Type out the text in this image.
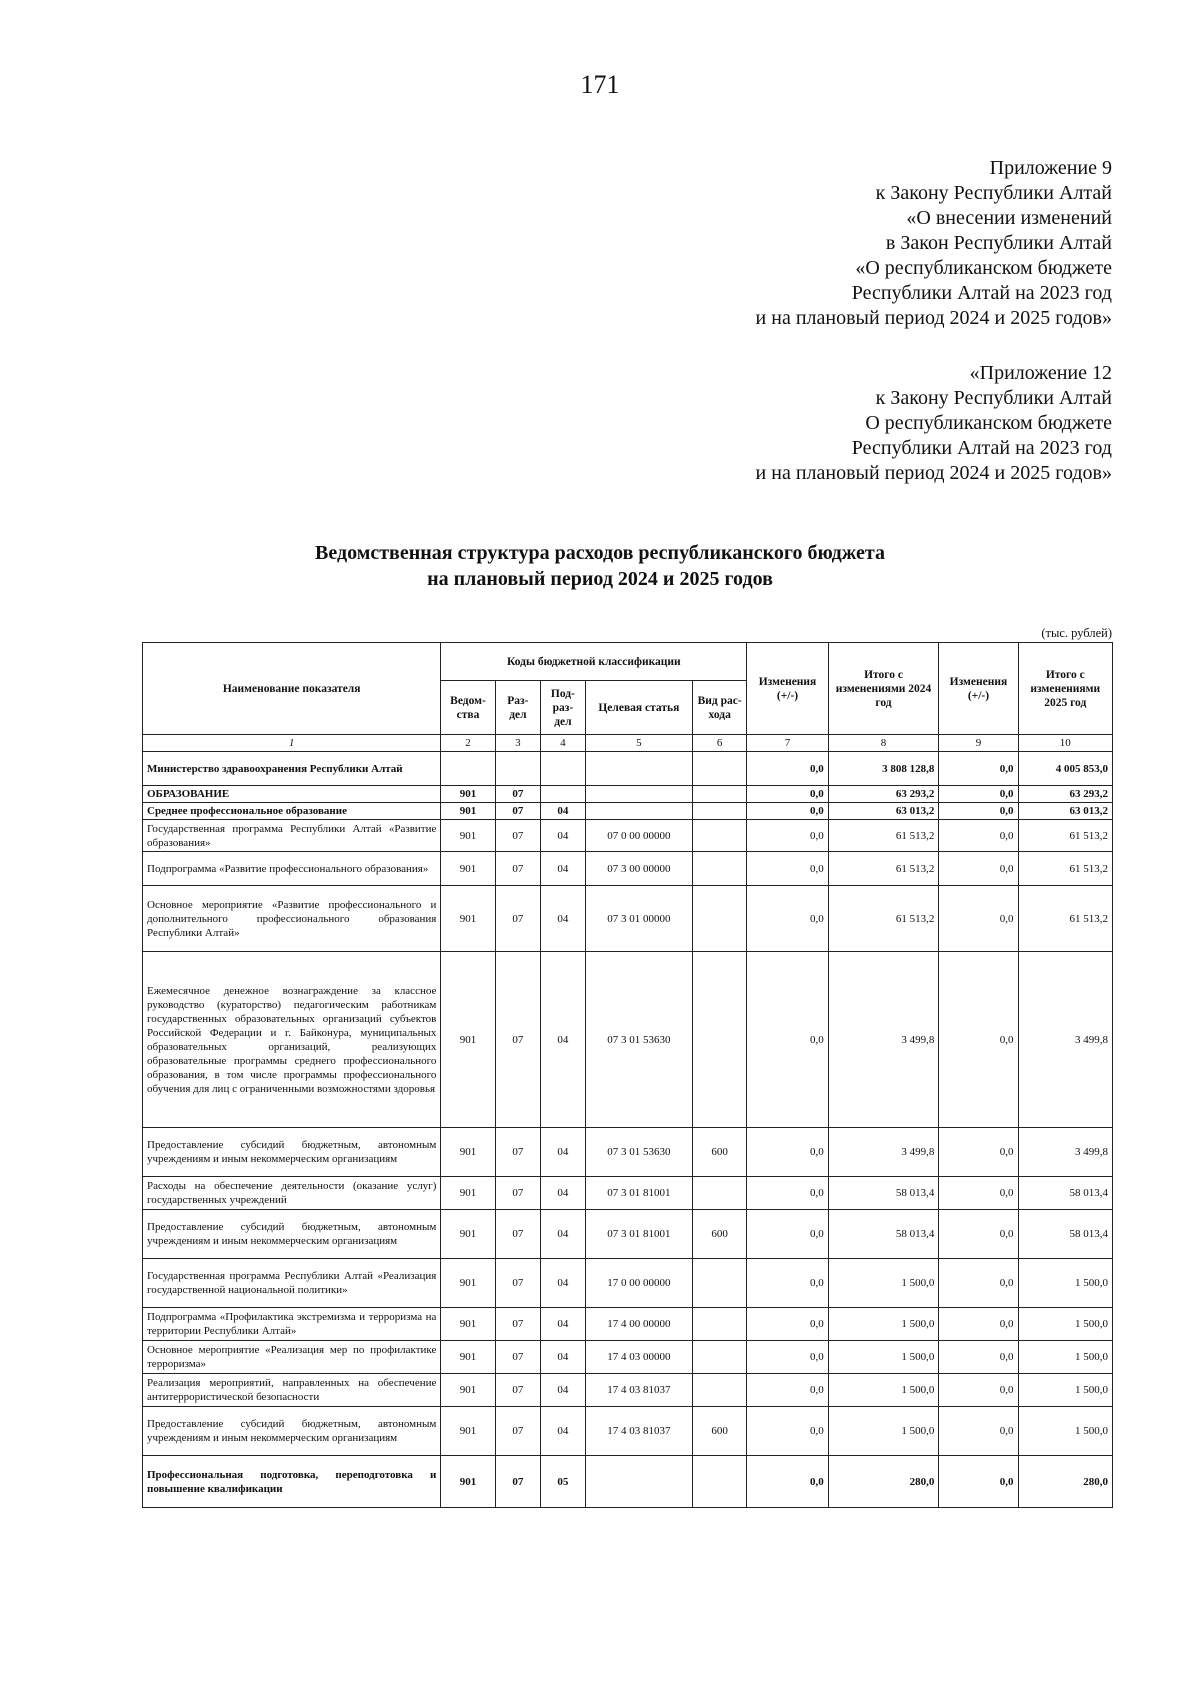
171
Приложение 9
к Закону Республики Алтай
«О внесении изменений
в Закон Республики Алтай
«О республиканском бюджете
Республики Алтай на 2023 год
и на плановый период 2024 и 2025 годов»
«Приложение 12
к Закону Республики Алтай
О республиканском бюджете
Республики Алтай на 2023 год
и на плановый период 2024 и 2025 годов»
Ведомственная структура расходов республиканского бюджета
на плановый период 2024 и 2025 годов
(тыс. рублей)
Наименование показателя	Коды бюджетной классификации					Изменения (+/-)	Итого с изменениями 2024 год	Изменения (+/-)	Итого с изменениями 2025 год
	Ведом-ства	Раз-дел	Под-раз-дел	Целевая статья	Вид рас-хода				
1	2	3	4	5	6	7	8	9	10
Министерство здравоохранения Республики Алтай						0,0	3 808 128,8	0,0	4 005 853,0
ОБРАЗОВАНИЕ	901	07				0,0	63 293,2	0,0	63 293,2
Среднее профессиональное образование	901	07	04			0,0	63 013,2	0,0	63 013,2
Государственная программа Республики Алтай «Развитие образования»	901	07	04	07 0 00 00000		0,0	61 513,2	0,0	61 513,2
Подпрограмма «Развитие профессионального образования»	901	07	04	07 3 00 00000		0,0	61 513,2	0,0	61 513,2
Основное мероприятие «Развитие профессионального и дополнительного профессионального образования Республики Алтай»	901	07	04	07 3 01 00000		0,0	61 513,2	0,0	61 513,2
Ежемесячное денежное вознаграждение за классное руководство (кураторство) педагогическим работникам государственных образовательных организаций субъектов Российской Федерации и г. Байконура, муниципальных образовательных организаций, реализующих образовательные программы среднего профессионального образования, в том числе программы профессионального обучения для лиц с ограниченными возможностями здоровья	901	07	04	07 3 01 53630		0,0	3 499,8	0,0	3 499,8
Предоставление субсидий бюджетным, автономным учреждениям и иным некоммерческим организациям	901	07	04	07 3 01 53630	600	0,0	3 499,8	0,0	3 499,8
Расходы на обеспечение деятельности (оказание услуг) государственных учреждений	901	07	04	07 3 01 81001		0,0	58 013,4	0,0	58 013,4
Предоставление субсидий бюджетным, автономным учреждениям и иным некоммерческим организациям	901	07	04	07 3 01 81001	600	0,0	58 013,4	0,0	58 013,4
Государственная программа Республики Алтай «Реализация государственной национальной политики»	901	07	04	17 0 00 00000		0,0	1 500,0	0,0	1 500,0
Подпрограмма «Профилактика экстремизма и терроризма на территории Республики Алтай»	901	07	04	17 4 00 00000		0,0	1 500,0	0,0	1 500,0
Основное мероприятие «Реализация мер по профилактике терроризма»	901	07	04	17 4 03 00000		0,0	1 500,0	0,0	1 500,0
Реализация мероприятий, направленных на обеспечение антитеррористической безопасности	901	07	04	17 4 03 81037		0,0	1 500,0	0,0	1 500,0
Предоставление субсидий бюджетным, автономным учреждениям и иным некоммерческим организациям	901	07	04	17 4 03 81037	600	0,0	1 500,0	0,0	1 500,0
Профессиональная подготовка, переподготовка и повышение квалификации	901	07	05			0,0	280,0	0,0	280,0
